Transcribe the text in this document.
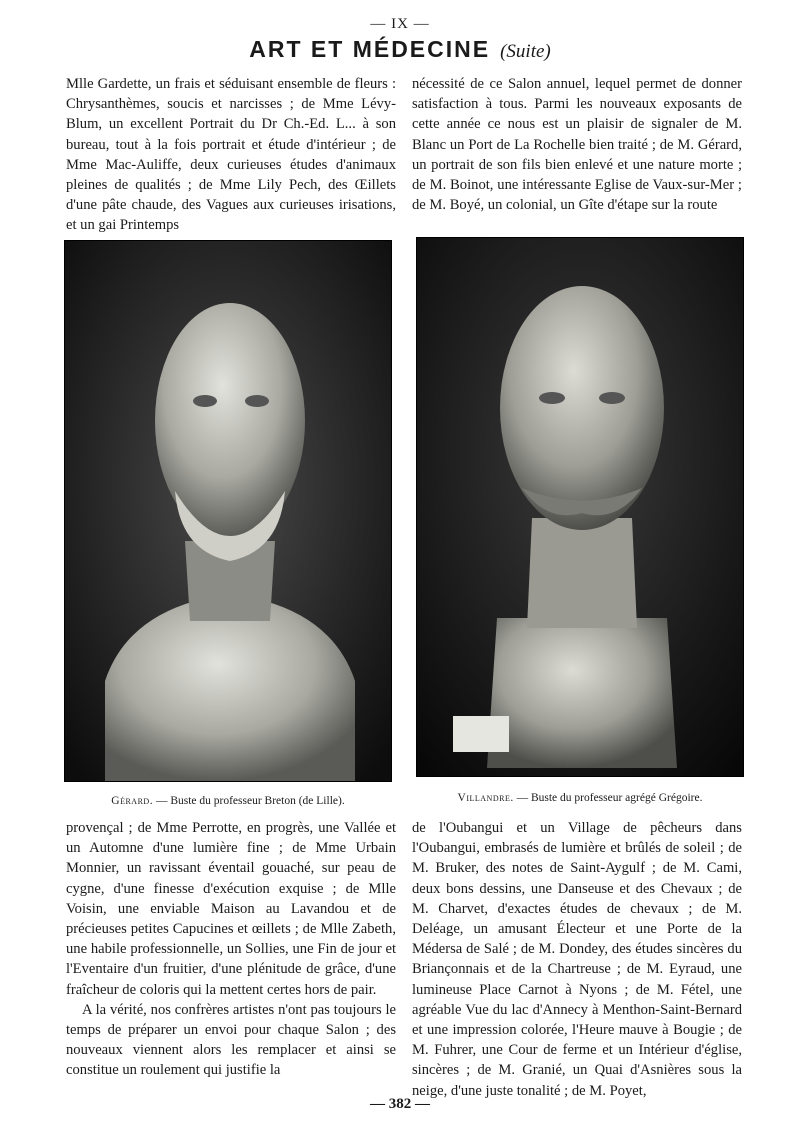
— IX —
ART ET MÉDECINE (Suite)

Mlle Gardette, un frais et séduisant ensemble de fleurs : Chrysanthèmes, soucis et narcisses ; de Mme Lévy-Blum, un excellent Portrait du Dr Ch.-Ed. L... à son bureau, tout à la fois portrait et étude d'intérieur ; de Mme Mac-Auliffe, deux curieuses études d'animaux pleines de qualités ; de Mme Lily Pech, des Œillets d'une pâte chaude, des Vagues aux curieuses irisations, et un gai Printemps

nécessité de ce Salon annuel, lequel permet de donner satisfaction à tous. Parmi les nouveaux exposants de cette année ce nous est un plaisir de signaler de M. Blanc un Port de La Rochelle bien traité ; de M. Gérard, un portrait de son fils bien enlevé et une nature morte ; de M. Boinot, une intéressante Eglise de Vaux-sur-Mer ; de M. Boyé, un colonial, un Gîte d'étape sur la route

Gérard. — Buste du professeur Breton (de Lille).	Villandre. — Buste du professeur agrégé Grégoire.

provençal ; de Mme Perrotte, en progrès, une Vallée et un Automne d'une lumière fine ; de Mme Urbain Monnier, un ravissant éventail gouaché, sur peau de cygne, d'une finesse d'exécution exquise ; de Mlle Voisin, une enviable Maison au Lavandou et de précieuses petites Capucines et œillets ; de Mlle Zabeth, une habile professionnelle, un Sollies, une Fin de jour et l'Eventaire d'un fruitier, d'une plénitude de grâce, d'une fraîcheur de coloris qui la mettent certes hors de pair.

A la vérité, nos confrères artistes n'ont pas toujours le temps de préparer un envoi pour chaque Salon ; des nouveaux viennent alors les remplacer et ainsi se constitue un roulement qui justifie la

de l'Oubangui et un Village de pêcheurs dans l'Oubangui, embrasés de lumière et brûlés de soleil ; de M. Bruker, des notes de Saint-Aygulf ; de M. Cami, deux bons dessins, une Danseuse et des Chevaux ; de M. Charvet, d'exactes études de chevaux ; de M. Deléage, un amusant Électeur et une Porte de la Médersa de Salé ; de M. Dondey, des études sincères du Briançonnais et de la Chartreuse ; de M. Eyraud, une lumineuse Place Carnot à Nyons ; de M. Fétel, une agréable Vue du lac d'Annecy à Menthon-Saint-Bernard et une impression colorée, l'Heure mauve à Bougie ; de M. Fuhrer, une Cour de ferme et un Intérieur d'église, sincères ; de M. Granié, un Quai d'Asnières sous la neige, d'une juste tonalité ; de M. Poyet,

— 382 —
